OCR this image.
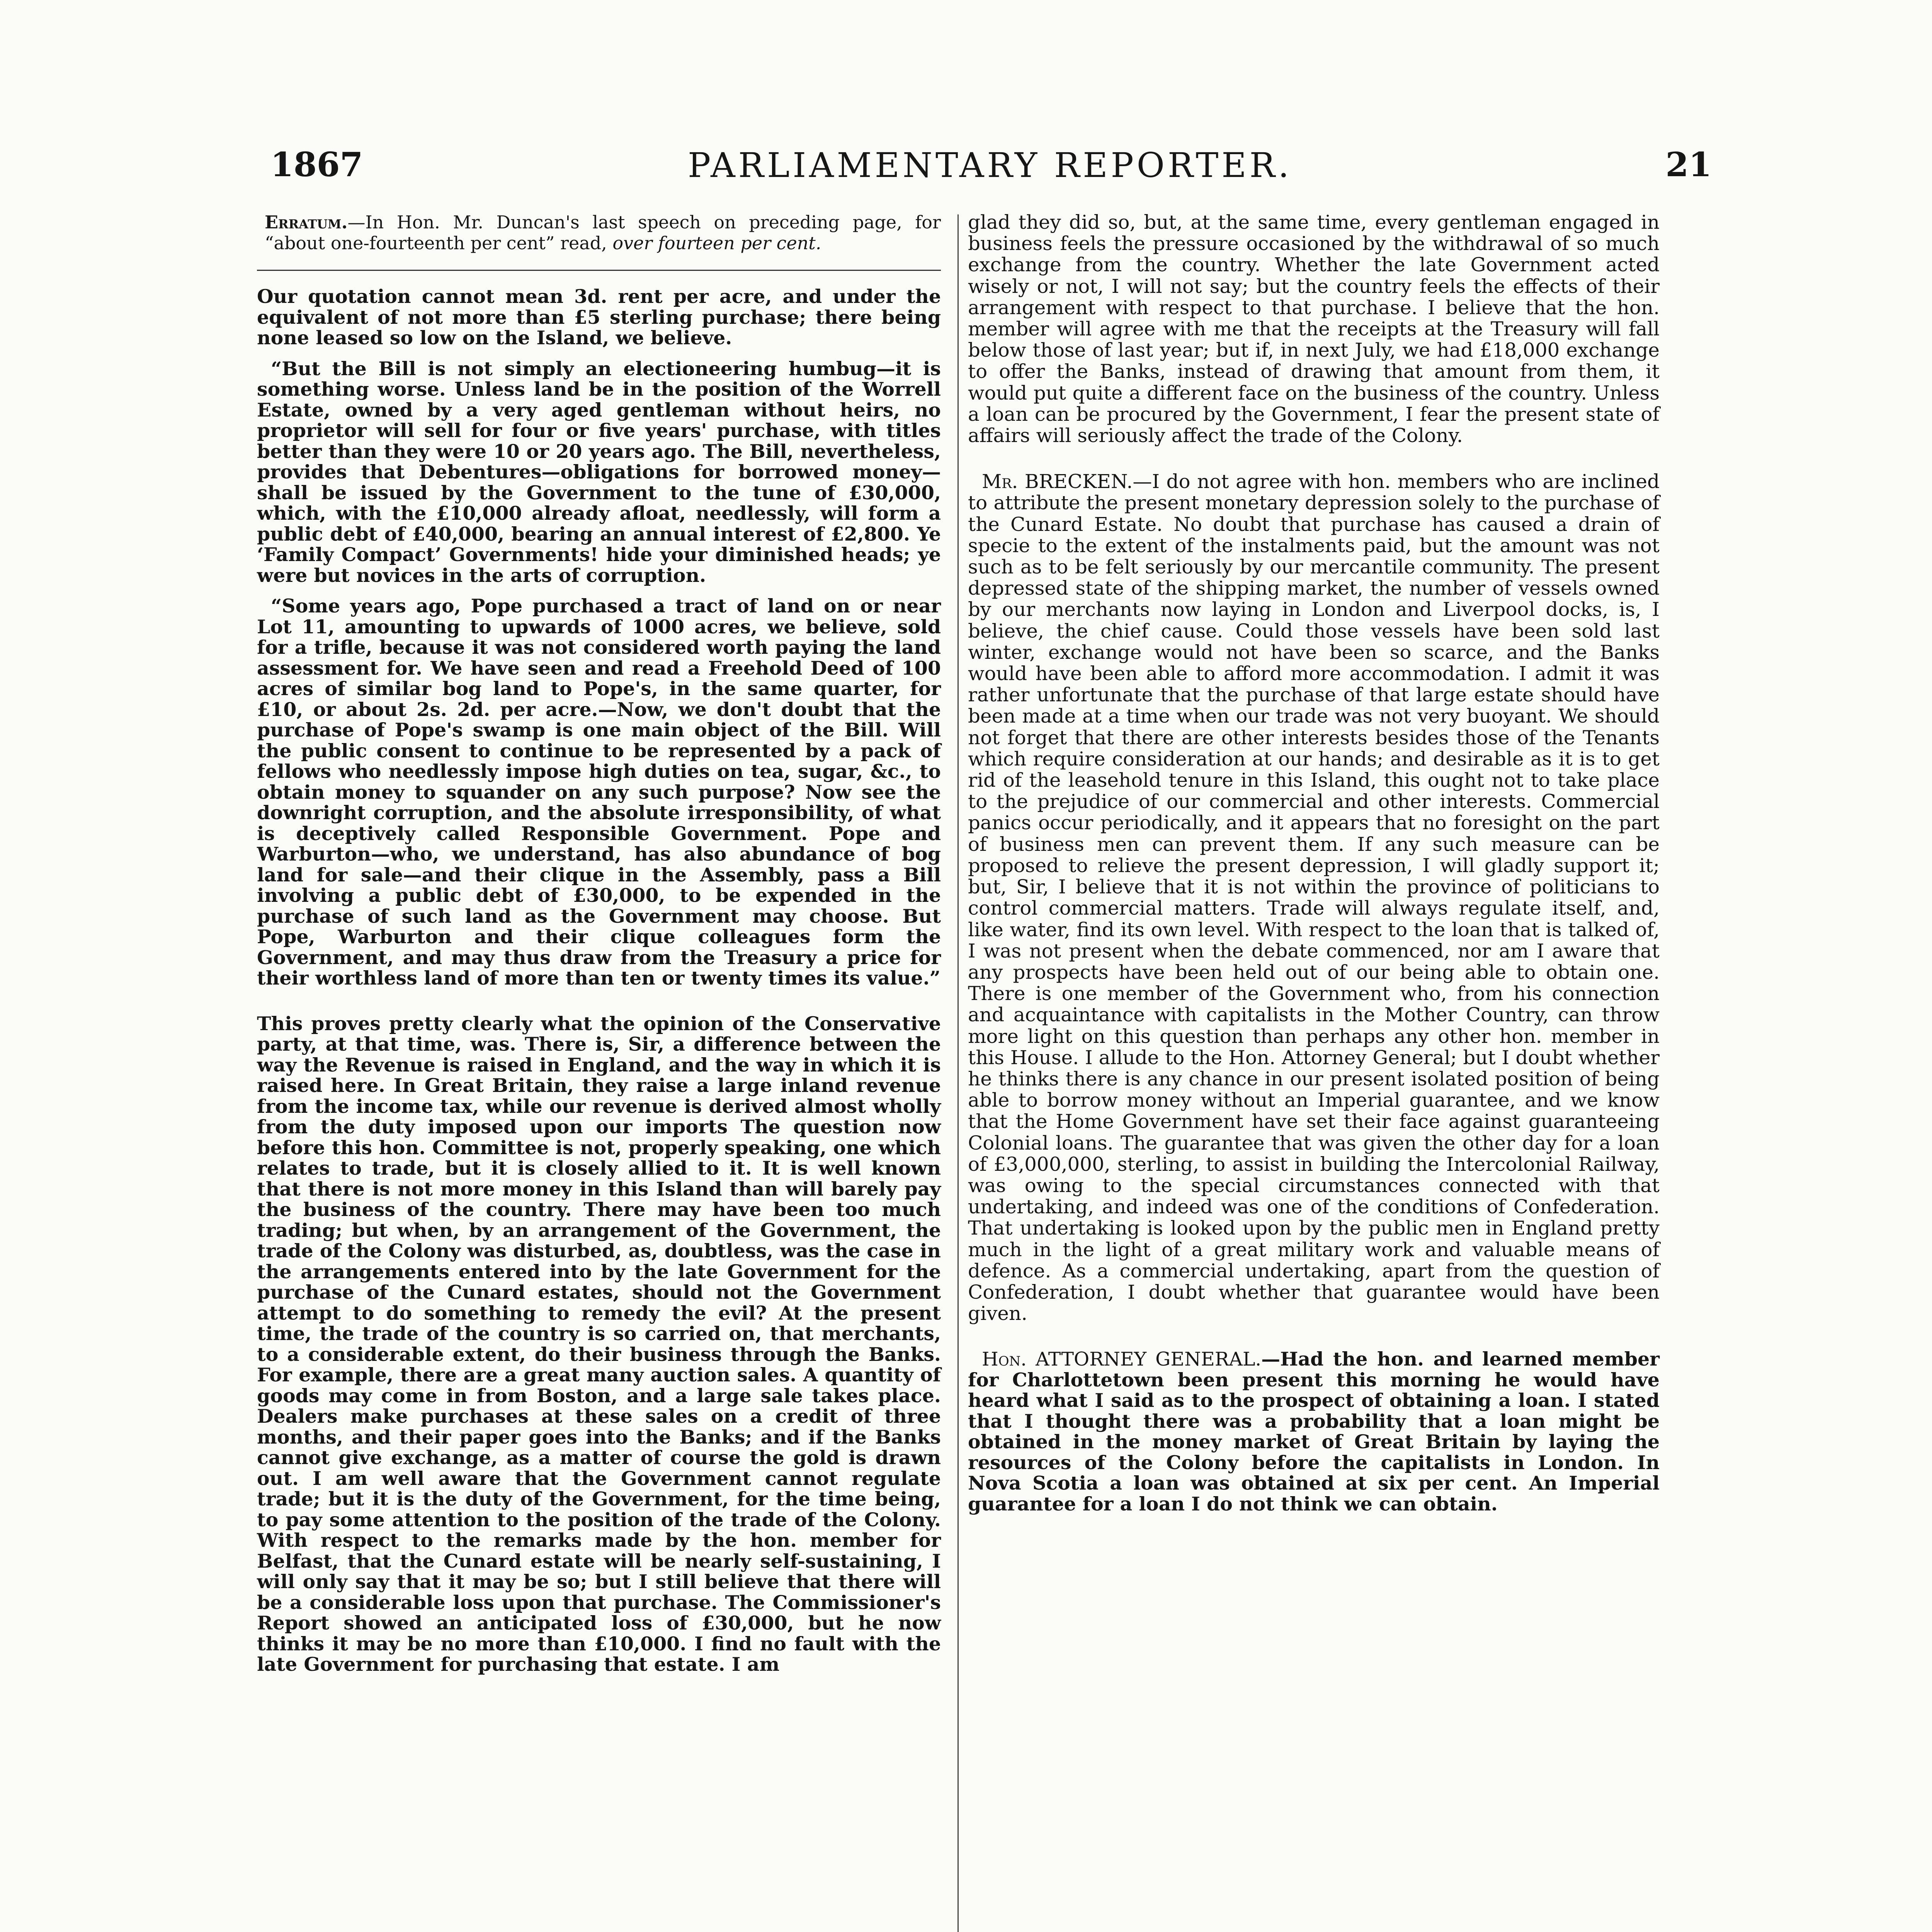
1867	PARLIAMENTARY REPORTER.	21

Erratum.—In Hon. Mr. Duncan's last speech on preceding page, for “about one-fourteenth per cent” read, over fourteen per cent.

Our quotation cannot mean 3d. rent per acre, and under the equivalent of not more than £5 sterling purchase; there being none leased so low on the Island, we believe.

“But the Bill is not simply an electioneering humbug—it is something worse. Unless land be in the position of the Worrell Estate, owned by a very aged gentleman without heirs, no proprietor will sell for four or five years' purchase, with titles better than they were 10 or 20 years ago. The Bill, nevertheless, provides that Debentures—obligations for borrowed money—shall be issued by the Government to the tune of £30,000, which, with the £10,000 already afloat, needlessly, will form a public debt of £40,000, bearing an annual interest of £2,800. Ye ‘Family Compact’ Governments! hide your diminished heads; ye were but novices in the arts of corruption.

“Some years ago, Pope purchased a tract of land on or near Lot 11, amounting to upwards of 1000 acres, we believe, sold for a trifle, because it was not considered worth paying the land assessment for. We have seen and read a Freehold Deed of 100 acres of similar bog land to Pope's, in the same quarter, for £10, or about 2s. 2d. per acre.—Now, we don't doubt that the purchase of Pope's swamp is one main object of the Bill. Will the public consent to continue to be represented by a pack of fellows who needlessly impose high duties on tea, sugar, &c., to obtain money to squander on any such purpose? Now see the downright corruption, and the absolute irresponsibility, of what is deceptively called Responsible Government. Pope and Warburton—who, we understand, has also abundance of bog land for sale—and their clique in the Assembly, pass a Bill involving a public debt of £30,000, to be expended in the purchase of such land as the Government may choose. But Pope, Warburton and their clique colleagues form the Government, and may thus draw from the Treasury a price for their worthless land of more than ten or twenty times its value.”

This proves pretty clearly what the opinion of the Conservative party, at that time, was. There is, Sir, a difference between the way the Revenue is raised in England, and the way in which it is raised here. In Great Britain, they raise a large inland revenue from the income tax, while our revenue is derived almost wholly from the duty imposed upon our imports The question now before this hon. Committee is not, properly speaking, one which relates to trade, but it is closely allied to it. It is well known that there is not more money in this Island than will barely pay the business of the country. There may have been too much trading; but when, by an arrangement of the Government, the trade of the Colony was disturbed, as, doubtless, was the case in the arrangements entered into by the late Government for the purchase of the Cunard estates, should not the Government attempt to do something to remedy the evil? At the present time, the trade of the country is so carried on, that merchants, to a considerable extent, do their business through the Banks. For example, there are a great many auction sales. A quantity of goods may come in from Boston, and a large sale takes place. Dealers make purchases at these sales on a credit of three months, and their paper goes into the Banks; and if the Banks cannot give exchange, as a matter of course the gold is drawn out. I am well aware that the Government cannot regulate trade; but it is the duty of the Government, for the time being, to pay some attention to the position of the trade of the Colony. With respect to the remarks made by the hon. member for Belfast, that the Cunard estate will be nearly self-sustaining, I will only say that it may be so; but I still believe that there will be a considerable loss upon that purchase. The Commissioner's Report showed an anticipated loss of £30,000, but he now thinks it may be no more than £10,000. I find no fault with the late Government for purchasing that estate. I am

glad they did so, but, at the same time, every gentleman engaged in business feels the pressure occasioned by the withdrawal of so much exchange from the country. Whether the late Government acted wisely or not, I will not say; but the country feels the effects of their arrangement with respect to that purchase. I believe that the hon. member will agree with me that the receipts at the Treasury will fall below those of last year; but if, in next July, we had £18,000 exchange to offer the Banks, instead of drawing that amount from them, it would put quite a different face on the business of the country. Unless a loan can be procured by the Government, I fear the present state of affairs will seriously affect the trade of the Colony.

Mr. BRECKEN.—I do not agree with hon. members who are inclined to attribute the present monetary depression solely to the purchase of the Cunard Estate. No doubt that purchase has caused a drain of specie to the extent of the instalments paid, but the amount was not such as to be felt seriously by our mercantile community. The present depressed state of the shipping market, the number of vessels owned by our merchants now laying in London and Liverpool docks, is, I believe, the chief cause. Could those vessels have been sold last winter, exchange would not have been so scarce, and the Banks would have been able to afford more accommodation. I admit it was rather unfortunate that the purchase of that large estate should have been made at a time when our trade was not very buoyant. We should not forget that there are other interests besides those of the Tenants which require consideration at our hands; and desirable as it is to get rid of the leasehold tenure in this Island, this ought not to take place to the prejudice of our commercial and other interests. Commercial panics occur periodically, and it appears that no foresight on the part of business men can prevent them. If any such measure can be proposed to relieve the present depression, I will gladly support it; but, Sir, I believe that it is not within the province of politicians to control commercial matters. Trade will always regulate itself, and, like water, find its own level. With respect to the loan that is talked of, I was not present when the debate commenced, nor am I aware that any prospects have been held out of our being able to obtain one. There is one member of the Government who, from his connection and acquaintance with capitalists in the Mother Country, can throw more light on this question than perhaps any other hon. member in this House. I allude to the Hon. Attorney General; but I doubt whether he thinks there is any chance in our present isolated position of being able to borrow money without an Imperial guarantee, and we know that the Home Government have set their face against guaranteeing Colonial loans. The guarantee that was given the other day for a loan of £3,000,000, sterling, to assist in building the Intercolonial Railway, was owing to the special circumstances connected with that undertaking, and indeed was one of the conditions of Confederation. That undertaking is looked upon by the public men in England pretty much in the light of a great military work and valuable means of defence. As a commercial undertaking, apart from the question of Confederation, I doubt whether that guarantee would have been given.

Hon. ATTORNEY GENERAL.—Had the hon. and learned member for Charlottetown been present this morning he would have heard what I said as to the prospect of obtaining a loan. I stated that I thought there was a probability that a loan might be obtained in the money market of Great Britain by laying the resources of the Colony before the capitalists in London. In Nova Scotia a loan was obtained at six per cent. An Imperial guarantee for a loan I do not think we can obtain.
